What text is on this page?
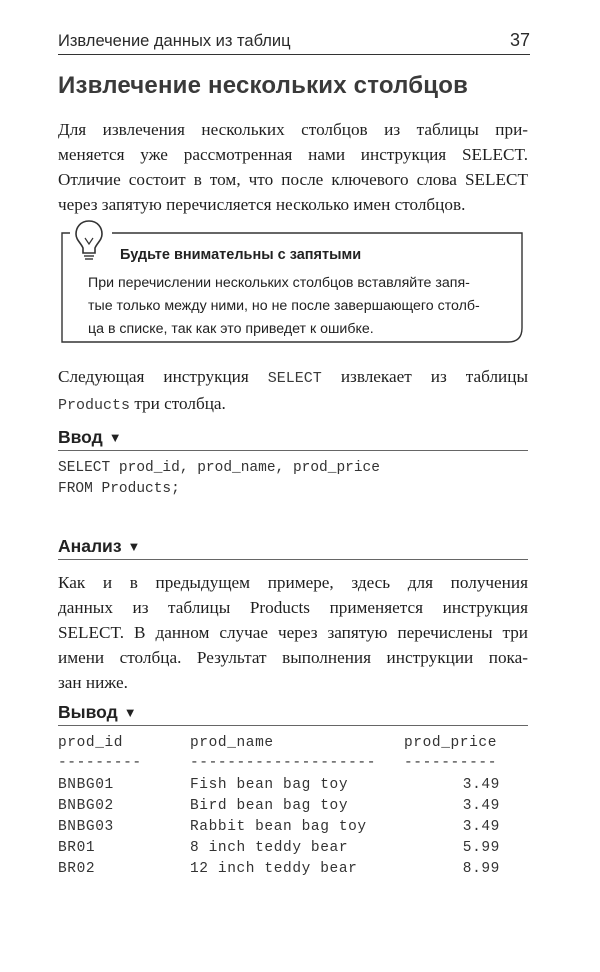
Извлечение данных из таблиц	37
Извлечение нескольких столбцов
Для извлечения нескольких столбцов из таблицы при-
меняется уже рассмотренная нами инструкция SELECT.
Отличие состоит в том, что после ключевого слова SELECT
через запятую перечисляется несколько имен столбцов.
Будьте внимательны с запятыми
При перечислении нескольких столбцов вставляйте запя-
тые только между ними, но не после завершающего столб-
ца в списке, так как это приведет к ошибке.
Следующая инструкция SELECT извлекает из таблицы
Products три столбца.
Ввод ▼
SELECT prod_id, prod_name, prod_price
FROM Products;
Анализ ▼
Как и в предыдущем примере, здесь для получения
данных из таблицы Products применяется инструкция
SELECT. В данном случае через запятую перечислены три
имени столбца. Результат выполнения инструкции пока-
зан ниже.
Вывод ▼
prod_id	prod_name	prod_price
---------	-------------------- ----------
BNBG01	Fish bean bag toy	3.49
BNBG02	Bird bean bag toy	3.49
BNBG03	Rabbit bean bag toy	3.49
BR01	8 inch teddy bear	5.99
BR02	12 inch teddy bear	8.99
